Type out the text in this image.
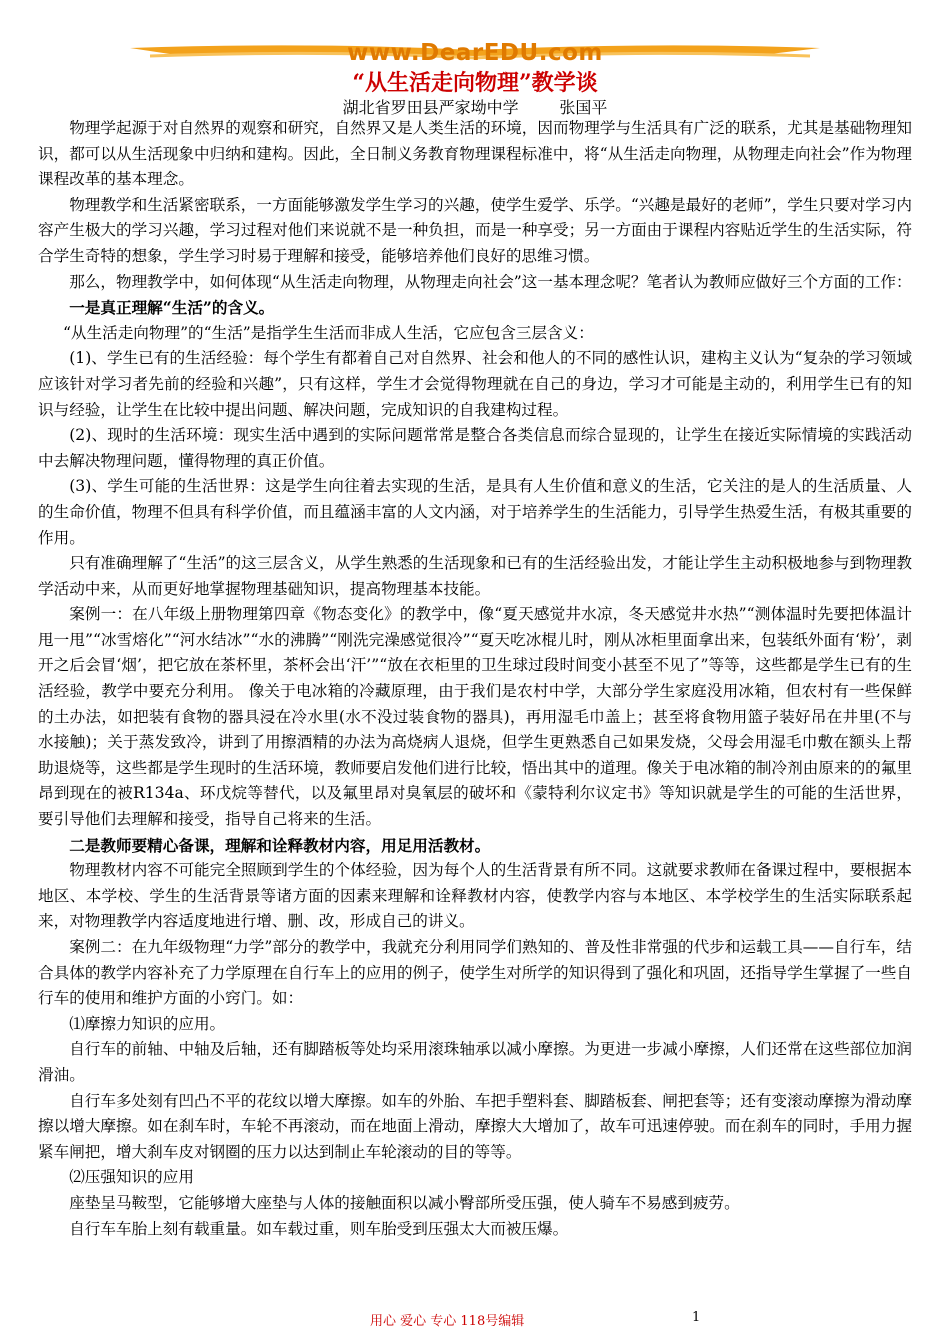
www.DearEDU.com
“从生活走向物理”教学谈
湖北省罗田县严家坳中学        张国平

物理学起源于对自然界的观察和研究，自然界又是人类生活的环境，因而物理学与生活具有广泛的联系，尤其是基础物理知识，都可以从生活现象中归纳和建构。因此，全日制义务教育物理课程标准中，将“从生活走向物理，从物理走向社会”作为物理课程改革的基本理念。

物理教学和生活紧密联系，一方面能够激发学生学习的兴趣，使学生爱学、乐学。“兴趣是最好的老师”，学生只要对学习内容产生极大的学习兴趣，学习过程对他们来说就不是一种负担，而是一种享受；另一方面由于课程内容贴近学生的生活实际，符合学生奇特的想象，学生学习时易于理解和接受，能够培养他们良好的思维习惯。

那么，物理教学中，如何体现“从生活走向物理，从物理走向社会”这一基本理念呢？笔者认为教师应做好三个方面的工作：

一是真正理解“生活”的含义。

“从生活走向物理”的“生活”是指学生生活而非成人生活，它应包含三层含义：

(1)、学生已有的生活经验：每个学生有都着自己对自然界、社会和他人的不同的感性认识，建构主义认为“复杂的学习领域应该针对学习者先前的经验和兴趣”，只有这样，学生才会觉得物理就在自己的身边，学习才可能是主动的，利用学生已有的知识与经验，让学生在比较中提出问题、解决问题，完成知识的自我建构过程。

(2)、现时的生活环境：现实生活中遇到的实际问题常常是整合各类信息而综合显现的，让学生在接近实际情境的实践活动中去解决物理问题，懂得物理的真正价值。

(3)、学生可能的生活世界：这是学生向往着去实现的生活，是具有人生价值和意义的生活，它关注的是人的生活质量、人的生命价值，物理不但具有科学价值，而且蕴涵丰富的人文内涵，对于培养学生的生活能力，引导学生热爱生活，有极其重要的作用。

只有准确理解了“生活”的这三层含义，从学生熟悉的生活现象和已有的生活经验出发，才能让学生主动积极地参与到物理教学活动中来，从而更好地掌握物理基础知识，提高物理基本技能。

案例一：在八年级上册物理第四章《物态变化》的教学中，像“夏天感觉井水凉，冬天感觉井水热”“测体温时先要把体温计甩一甩”“冰雪熔化”“河水结冰”“水的沸腾”“刚洗完澡感觉很冷”“夏天吃冰棍儿时，刚从冰柜里面拿出来，包装纸外面有‘粉’，剥开之后会冒‘烟’，把它放在茶杯里，茶杯会出‘汗’”“放在衣柜里的卫生球过段时间变小甚至不见了”等等，这些都是学生已有的生活经验，教学中要充分利用。 像关于电冰箱的冷藏原理，由于我们是农村中学，大部分学生家庭没用冰箱，但农村有一些保鲜的土办法，如把装有食物的器具浸在冷水里(水不没过装食物的器具)，再用湿毛巾盖上；甚至将食物用篮子装好吊在井里(不与水接触)；关于蒸发致冷，讲到了用擦酒精的办法为高烧病人退烧，但学生更熟悉自己如果发烧，父母会用湿毛巾敷在额头上帮助退烧等，这些都是学生现时的生活环境，教师要启发他们进行比较，悟出其中的道理。像关于电冰箱的制冷剂由原来的的氟里昂到现在的被R134a、环戊烷等替代，以及氟里昂对臭氧层的破坏和《蒙特利尔议定书》等知识就是学生的可能的生活世界，要引导他们去理解和接受，指导自己将来的生活。

二是教师要精心备课，理解和诠释教材内容，用足用活教材。

物理教材内容不可能完全照顾到学生的个体经验，因为每个人的生活背景有所不同。这就要求教师在备课过程中，要根据本地区、本学校、学生的生活背景等诸方面的因素来理解和诠释教材内容，使教学内容与本地区、本学校学生的生活实际联系起来，对物理教学内容适度地进行增、删、改，形成自己的讲义。

案例二：在九年级物理“力学”部分的教学中，我就充分利用同学们熟知的、普及性非常强的代步和运载工具——自行车，结合具体的教学内容补充了力学原理在自行车上的应用的例子，使学生对所学的知识得到了强化和巩固，还指导学生掌握了一些自行车的使用和维护方面的小窍门。如：

⑴摩擦力知识的应用。

自行车的前轴、中轴及后轴，还有脚踏板等处均采用滚珠轴承以减小摩擦。为更进一步减小摩擦，人们还常在这些部位加润滑油。

自行车多处刻有凹凸不平的花纹以增大摩擦。如车的外胎、车把手塑料套、脚踏板套、闸把套等；还有变滚动摩擦为滑动摩擦以增大摩擦。如在刹车时，车轮不再滚动，而在地面上滑动，摩擦大大增加了，故车可迅速停驶。而在刹车的同时，手用力握紧车闸把，增大刹车皮对钢圈的压力以达到制止车轮滚动的目的等等。

⑵压强知识的应用

座垫呈马鞍型，它能够增大座垫与人体的接触面积以减小臀部所受压强，使人骑车不易感到疲劳。

自行车车胎上刻有载重量。如车载过重，则车胎受到压强太大而被压爆。

用心 爱心 专心 118号编辑	1
